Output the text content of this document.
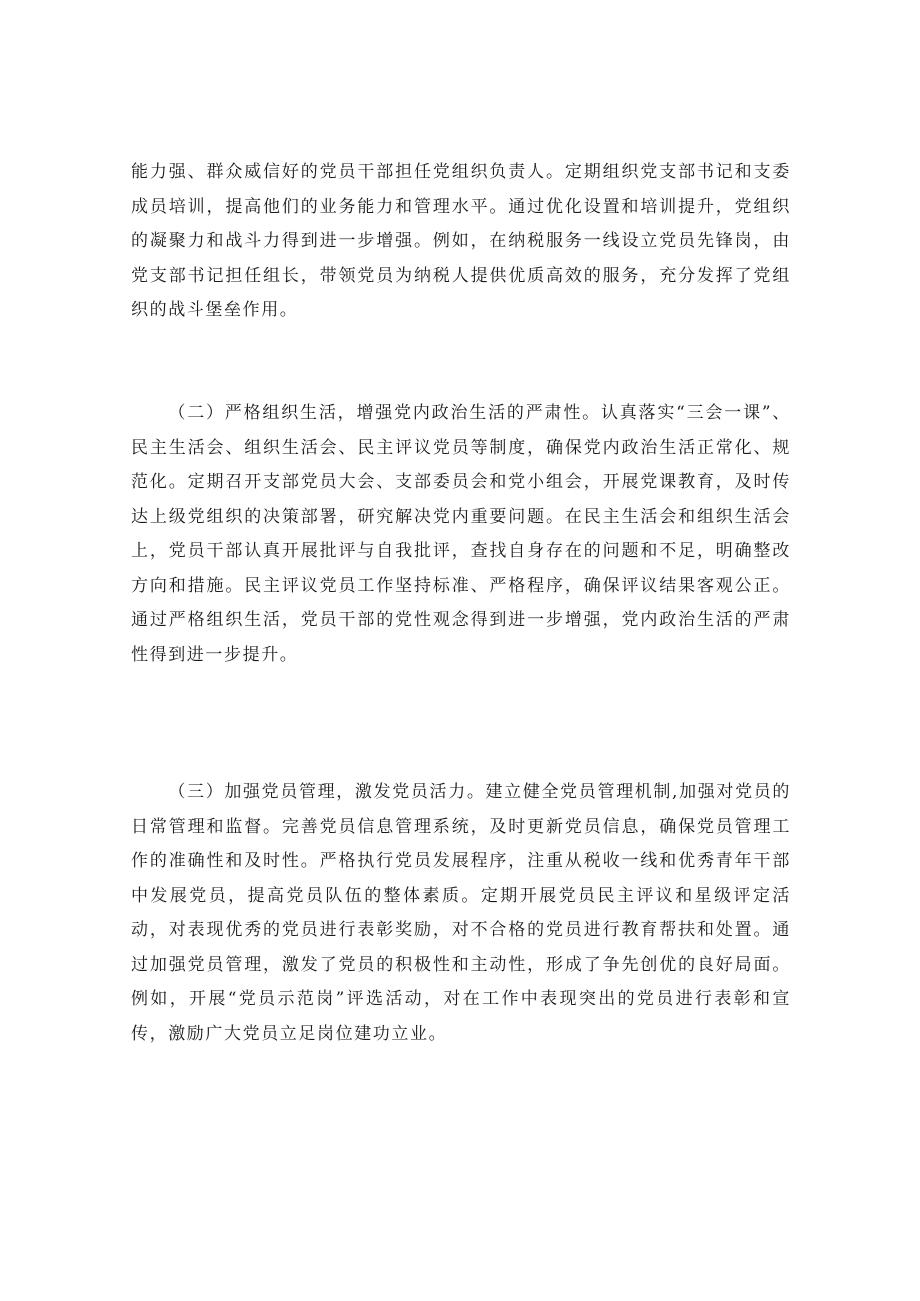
能力强、群众威信好的党员干部担任党组织负责人。定期组织党支部书记和支委成员培训，提高他们的业务能力和管理水平。通过优化设置和培训提升，党组织的凝聚力和战斗力得到进一步增强。例如，在纳税服务一线设立党员先锋岗，由党支部书记担任组长，带领党员为纳税人提供优质高效的服务，充分发挥了党组织的战斗堡垒作用。

（二）严格组织生活，增强党内政治生活的严肃性。认真落实“三会一课”、民主生活会、组织生活会、民主评议党员等制度，确保党内政治生活正常化、规范化。定期召开支部党员大会、支部委员会和党小组会，开展党课教育，及时传达上级党组织的决策部署，研究解决党内重要问题。在民主生活会和组织生活会上，党员干部认真开展批评与自我批评，查找自身存在的问题和不足，明确整改方向和措施。民主评议党员工作坚持标准、严格程序，确保评议结果客观公正。通过严格组织生活，党员干部的党性观念得到进一步增强，党内政治生活的严肃性得到进一步提升。

（三）加强党员管理，激发党员活力。建立健全党员管理机制,加强对党员的日常管理和监督。完善党员信息管理系统，及时更新党员信息，确保党员管理工作的准确性和及时性。严格执行党员发展程序，注重从税收一线和优秀青年干部中发展党员，提高党员队伍的整体素质。定期开展党员民主评议和星级评定活动，对表现优秀的党员进行表彰奖励，对不合格的党员进行教育帮扶和处置。通过加强党员管理，激发了党员的积极性和主动性，形成了争先创优的良好局面。例如，开展“党员示范岗”评选活动，对在工作中表现突出的党员进行表彰和宣传，激励广大党员立足岗位建功立业。
